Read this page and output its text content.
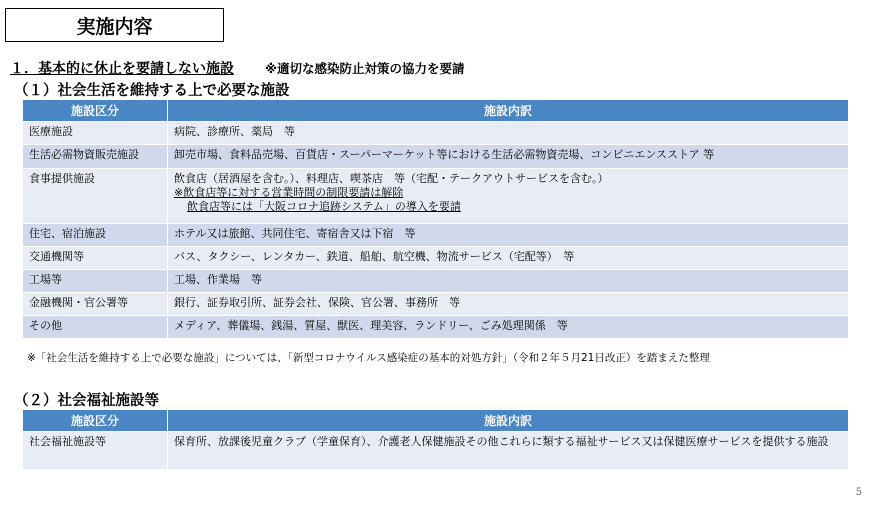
実施内容
１．基本的に休止を要請しない施設 ※適切な感染防止対策の協力を要請
（１）社会生活を維持する上で必要な施設
施設区分	施設内訳
医療施設	病院、診療所、薬局　等
生活必需物資販売施設	卸売市場、食料品売場、百貨店・スーパーマーケット等における生活必需物資売場、コンビニエンスストア 等
食事提供施設	飲食店（居酒屋を含む。）、料理店、喫茶店　等（宅配・テークアウトサービスを含む。）
※飲食店等に対する営業時間の制限要請は解除
飲食店等には「大阪コロナ追跡システム」の導入を要請

住宅、宿泊施設	ホテル又は旅館、共同住宅、寄宿舎又は下宿　等
交通機関等	バス、タクシー、レンタカー、鉄道、船舶、航空機、物流サービス（宅配等）　等
工場等	工場、作業場　等
金融機関・官公署等	銀行、証券取引所、証券会社、保険、官公署、事務所　等
その他	メディア、葬儀場、銭湯、質屋、獣医、理美容、ランドリー、ごみ処理関係　等
※「社会生活を維持する上で必要な施設」については、「新型コロナウイルス感染症の基本的対処方針」（令和２年５月21日改正）を踏まえた整理
（２）社会福祉施設等
施設区分	施設内訳
社会福祉施設等	保育所、放課後児童クラブ（学童保育）、介護老人保健施設その他これらに類する福祉サービス又は保健医療サービスを提供する施設
5
